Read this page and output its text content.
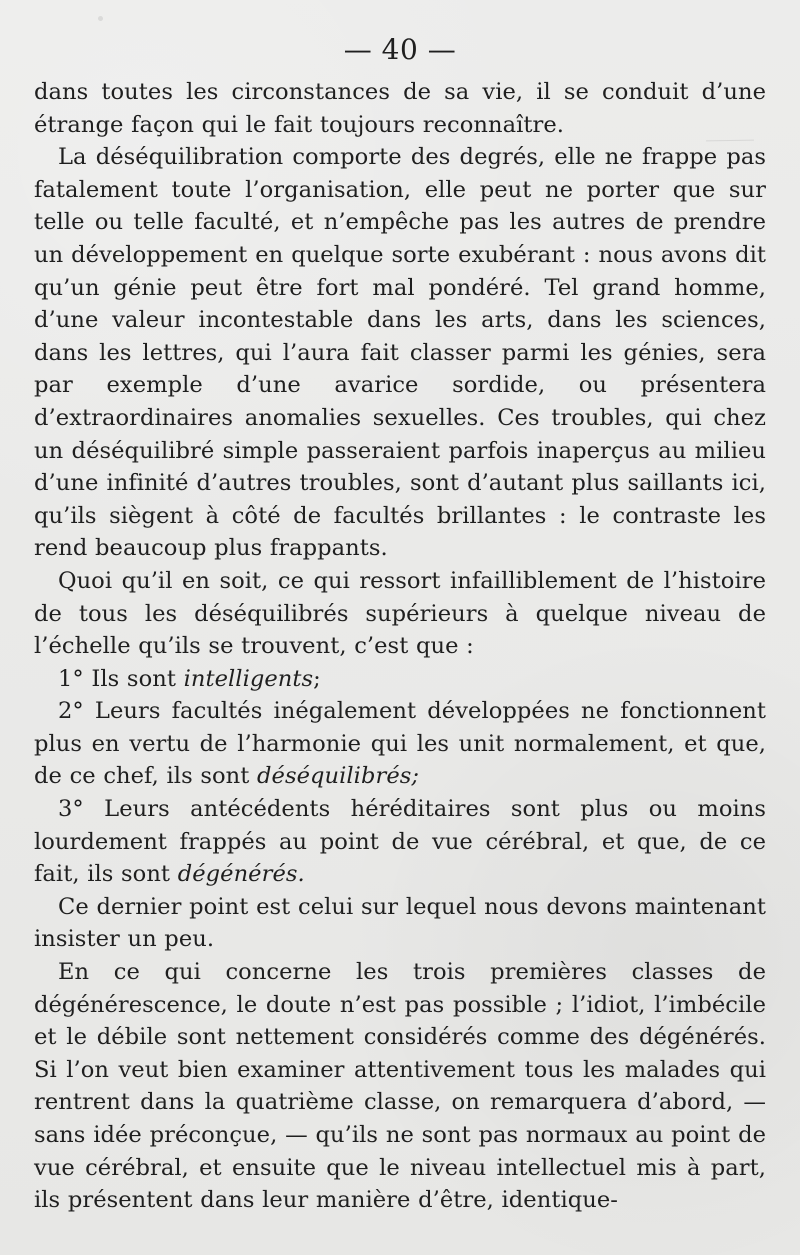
— 40 —

dans toutes les circonstances de sa vie, il se conduit d’une étrange façon qui le fait toujours reconnaître.

La déséquilibration comporte des degrés, elle ne frappe pas fatalement toute l’organisation, elle peut ne porter que sur telle ou telle faculté, et n’empêche pas les autres de prendre un développement en quelque sorte exubérant : nous avons dit qu’un génie peut être fort mal pondéré. Tel grand homme, d’une valeur incontestable dans les arts, dans les sciences, dans les lettres, qui l’aura fait classer parmi les génies, sera par exemple d’une avarice sordide, ou présentera d’extraordinaires anomalies sexuelles. Ces troubles, qui chez un déséquilibré simple passeraient parfois inaperçus au milieu d’une infinité d’autres troubles, sont d’autant plus saillants ici, qu’ils siègent à côté de facultés brillantes : le contraste les rend beaucoup plus frappants.

Quoi qu’il en soit, ce qui ressort infailliblement de l’histoire de tous les déséquilibrés supérieurs à quelque niveau de l’échelle qu’ils se trouvent, c’est que :

1° Ils sont intelligents;

2° Leurs facultés inégalement développées ne fonctionnent plus en vertu de l’harmonie qui les unit normalement, et que, de ce chef, ils sont déséquilibrés;

3° Leurs antécédents héréditaires sont plus ou moins lourdement frappés au point de vue cérébral, et que, de ce fait, ils sont dégénérés.

Ce dernier point est celui sur lequel nous devons maintenant insister un peu.

En ce qui concerne les trois premières classes de dégénérescence, le doute n’est pas possible ; l’idiot, l’imbécile et le débile sont nettement considérés comme des dégénérés. Si l’on veut bien examiner attentivement tous les malades qui rentrent dans la quatrième classe, on remarquera d’abord, — sans idée préconçue, — qu’ils ne sont pas normaux au point de vue cérébral, et ensuite que le niveau intellectuel mis à part, ils présentent dans leur manière d’être, identique-
